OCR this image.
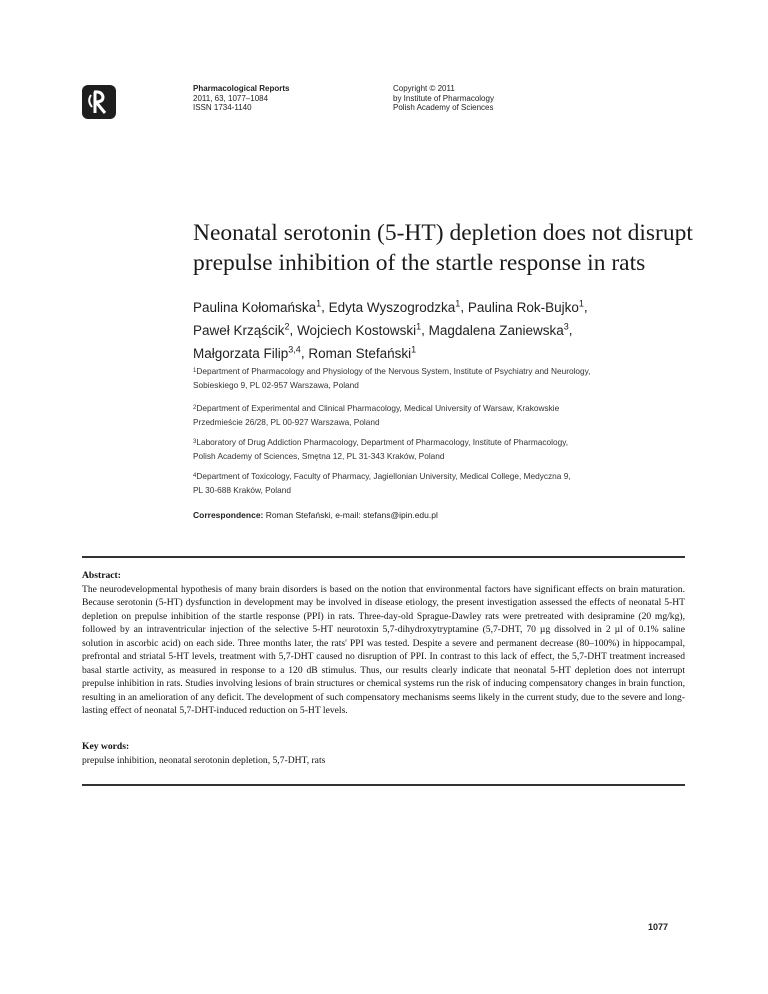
Pharmacological Reports
2011, 63, 1077–1084
ISSN 1734-1140
Copyright © 2011
by Institute of Pharmacology
Polish Academy of Sciences
Neonatal serotonin (5-HT) depletion does not disrupt
prepulse inhibition of the startle response in rats
Paulina Kołomańska$^1$, Edyta Wyszogrodzka$^1$, Paulina Rok-Bujko$^1$,
Paweł Krząścik$^2$, Wojciech Kostowski$^1$, Magdalena Zaniewska$^3$,
Małgorzata Filip$^{3,4}$, Roman Stefański$^1$
$^1$Department of Pharmacology and Physiology of the Nervous System, Institute of Psychiatry and Neurology,
Sobieskiego 9, PL 02-957 Warszawa, Poland
$^2$Department of Experimental and Clinical Pharmacology, Medical University of Warsaw, Krakowskie
Przedmieście 26/28, PL 00-927 Warszawa, Poland
$^3$Laboratory of Drug Addiction Pharmacology, Department of Pharmacology, Institute of Pharmacology,
Polish Academy of Sciences, Smętna 12, PL 31-343 Kraków, Poland
$^4$Department of Toxicology, Faculty of Pharmacy, Jagiellonian University, Medical College, Medyczna 9,
PL 30-688 Kraków, Poland
Correspondence: Roman Stefański, e-mail: stefans@ipin.edu.pl
Abstract:
The neurodevelopmental hypothesis of many brain disorders is based on the notion that environmental factors have significant effects on brain maturation. Because serotonin (5-HT) dysfunction in development may be involved in disease etiology, the present investigation assessed the effects of neonatal 5-HT depletion on prepulse inhibition of the startle response (PPI) in rats. Three-day-old Sprague-Dawley rats were pretreated with desipramine (20 mg/kg), followed by an intraventricular injection of the selective 5-HT neurotoxin 5,7-dihydroxytryptamine (5,7-DHT, 70 µg dissolved in 2 µl of 0.1% saline solution in ascorbic acid) on each side. Three months later, the rats' PPI was tested. Despite a severe and permanent decrease (80–100%) in hippocampal, prefrontal and striatal 5-HT levels, treatment with 5,7-DHT caused no disruption of PPI. In contrast to this lack of effect, the 5,7-DHT treatment increased basal startle activity, as measured in response to a 120 dB stimulus. Thus, our results clearly indicate that neonatal 5-HT depletion does not interrupt prepulse inhibition in rats. Studies involving lesions of brain structures or chemical systems run the risk of inducing compensatory changes in brain function, resulting in an amelioration of any deficit. The development of such compensatory mechanisms seems likely in the current study, due to the severe and long-lasting effect of neonatal 5,7-DHT-induced reduction on 5-HT levels.
Key words:
prepulse inhibition, neonatal serotonin depletion, 5,7-DHT, rats
1077
